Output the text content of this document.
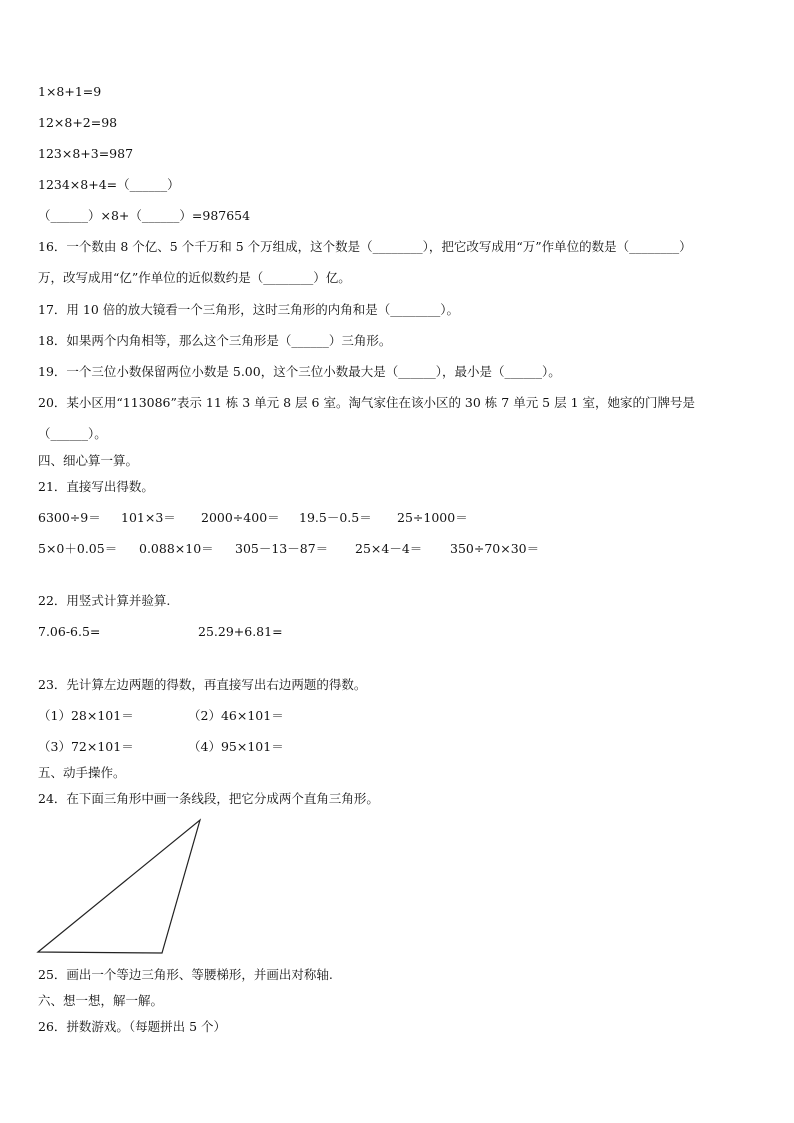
1×8+1=9
12×8+2=98
123×8+3=987
1234×8+4=（______）
（______）×8+（______）=987654
16．一个数由 8 个亿、5 个千万和 5 个万组成，这个数是（________），把它改写成用“万”作单位的数是（________）
万，改写成用“亿”作单位的近似数约是（________）亿。
17．用 10 倍的放大镜看一个三角形，这时三角形的内角和是（________）。
18．如果两个内角相等，那么这个三角形是（______）三角形。
19．一个三位小数保留两位小数是 5.00，这个三位小数最大是（______），最小是（______）。
20．某小区用“113086”表示 11 栋 3 单元 8 层 6 室。淘气家住在该小区的 30 栋 7 单元 5 层 1 室，她家的门牌号是
（______）。
四、细心算一算。
21．直接写出得数。
6300÷9＝ 101×3＝ 2000÷400＝ 19.5－0.5＝ 25÷1000＝
5×0＋0.05＝ 0.088×10＝ 305－13－87＝ 25×4－4＝ 350÷70×30＝
22．用竖式计算并验算.
7.06-6.5=	25.29+6.81=
23．先计算左边两题的得数，再直接写出右边两题的得数。
（1）28×101＝	（2）46×101＝
（3）72×101＝	（4）95×101＝
五、动手操作。
24．在下面三角形中画一条线段，把它分成两个直角三角形。
25．画出一个等边三角形、等腰梯形，并画出对称轴.
六、想一想，解一解。
26．拼数游戏。（每题拼出 5 个）
